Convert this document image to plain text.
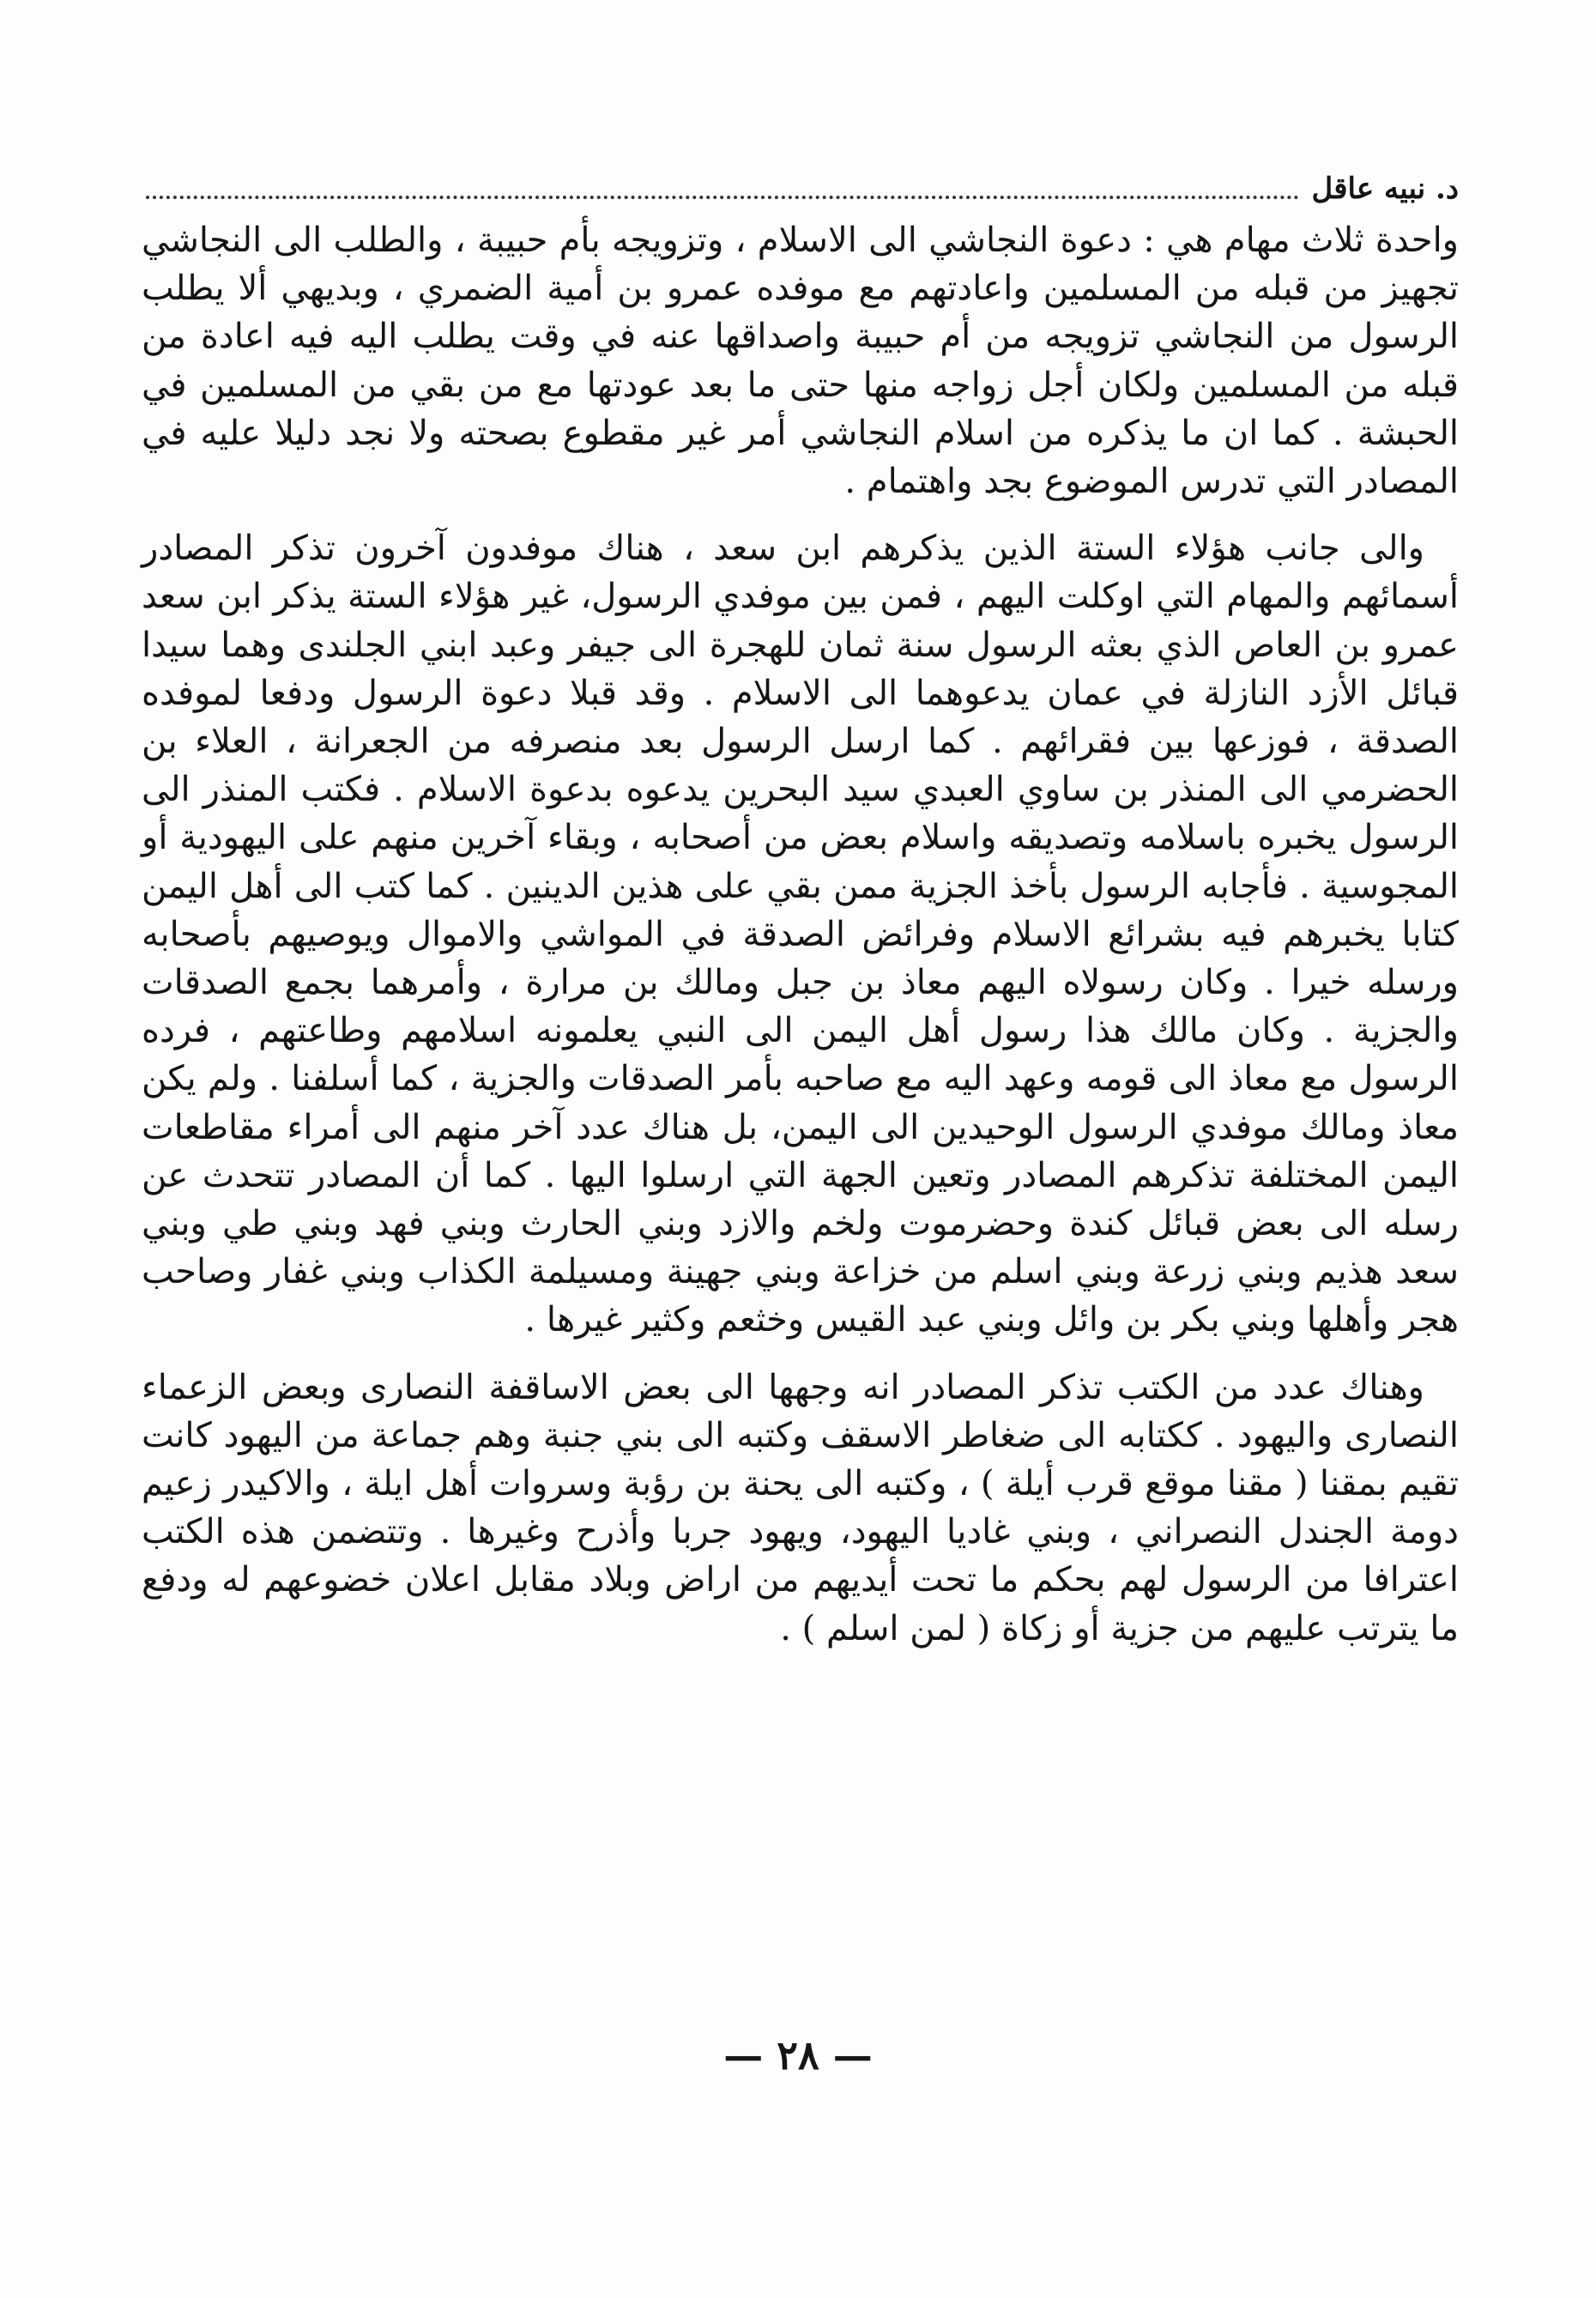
د. نبيه عاقل

واحدة ثلاث مهام هي : دعوة النجاشي الى الاسلام ، وتزويجه بأم حبيبة ، والطلب الى النجاشي تجهيز من قبله من المسلمين واعادتهم مع موفده عمرو بن أمية الضمري ، وبديهي ألا يطلب الرسول من النجاشي تزويجه من أم حبيبة واصداقها عنه في وقت يطلب اليه فيه اعادة من قبله من المسلمين ولكان أجل زواجه منها حتى ما بعد عودتها مع من بقي من المسلمين في الحبشة . كما ان ما يذكره من اسلام النجاشي أمر غير مقطوع بصحته ولا نجد دليلا عليه في المصادر التي تدرس الموضوع بجد واهتمام .

والى جانب هؤلاء الستة الذين يذكرهم ابن سعد ، هناك موفدون آخرون تذكر المصادر أسمائهم والمهام التي اوكلت اليهم ، فمن بين موفدي الرسول، غير هؤلاء الستة يذكر ابن سعد عمرو بن العاص الذي بعثه الرسول سنة ثمان للهجرة الى جيفر وعبد ابني الجلندى وهما سيدا قبائل الأزد النازلة في عمان يدعوهما الى الاسلام . وقد قبلا دعوة الرسول ودفعا لموفده الصدقة ، فوزعها بين فقرائهم . كما ارسل الرسول بعد منصرفه من الجعرانة ، العلاء بن الحضرمي الى المنذر بن ساوي العبدي سيد البحرين يدعوه بدعوة الاسلام . فكتب المنذر الى الرسول يخبره باسلامه وتصديقه واسلام بعض من أصحابه ، وبقاء آخرين منهم على اليهودية أو المجوسية . فأجابه الرسول بأخذ الجزية ممن بقي على هذين الدينين . كما كتب الى أهل اليمن كتابا يخبرهم فيه بشرائع الاسلام وفرائض الصدقة في المواشي والاموال ويوصيهم بأصحابه ورسله خيرا . وكان رسولاه اليهم معاذ بن جبل ومالك بن مرارة ، وأمرهما بجمع الصدقات والجزية . وكان مالك هذا رسول أهل اليمن الى النبي يعلمونه اسلامهم وطاعتهم ، فرده الرسول مع معاذ الى قومه وعهد اليه مع صاحبه بأمر الصدقات والجزية ، كما أسلفنا . ولم يكن معاذ ومالك موفدي الرسول الوحيدين الى اليمن، بل هناك عدد آخر منهم الى أمراء مقاطعات اليمن المختلفة تذكرهم المصادر وتعين الجهة التي ارسلوا اليها . كما أن المصادر تتحدث عن رسله الى بعض قبائل كندة وحضرموت ولخم والازد وبني الحارث وبني فهد وبني طي وبني سعد هذيم وبني زرعة وبني اسلم من خزاعة وبني جهينة ومسيلمة الكذاب وبني غفار وصاحب هجر وأهلها وبني بكر بن وائل وبني عبد القيس وخثعم وكثير غيرها .

وهناك عدد من الكتب تذكر المصادر انه وجهها الى بعض الاساقفة النصارى وبعض الزعماء النصارى واليهود . ككتابه الى ضغاطر الاسقف وكتبه الى بني جنبة وهم جماعة من اليهود كانت تقيم بمقنا ( مقنا موقع قرب أيلة ) ، وكتبه الى يحنة بن رؤبة وسروات أهل ايلة ، والاكيدر زعيم دومة الجندل النصراني ، وبني غاديا اليهود، ويهود جربا وأذرح وغيرها . وتتضمن هذه الكتب اعترافا من الرسول لهم بحكم ما تحت أيديهم من اراض وبلاد مقابل اعلان خضوعهم له ودفع ما يترتب عليهم من جزية أو زكاة ( لمن اسلم ) .

— ٢٨ —
